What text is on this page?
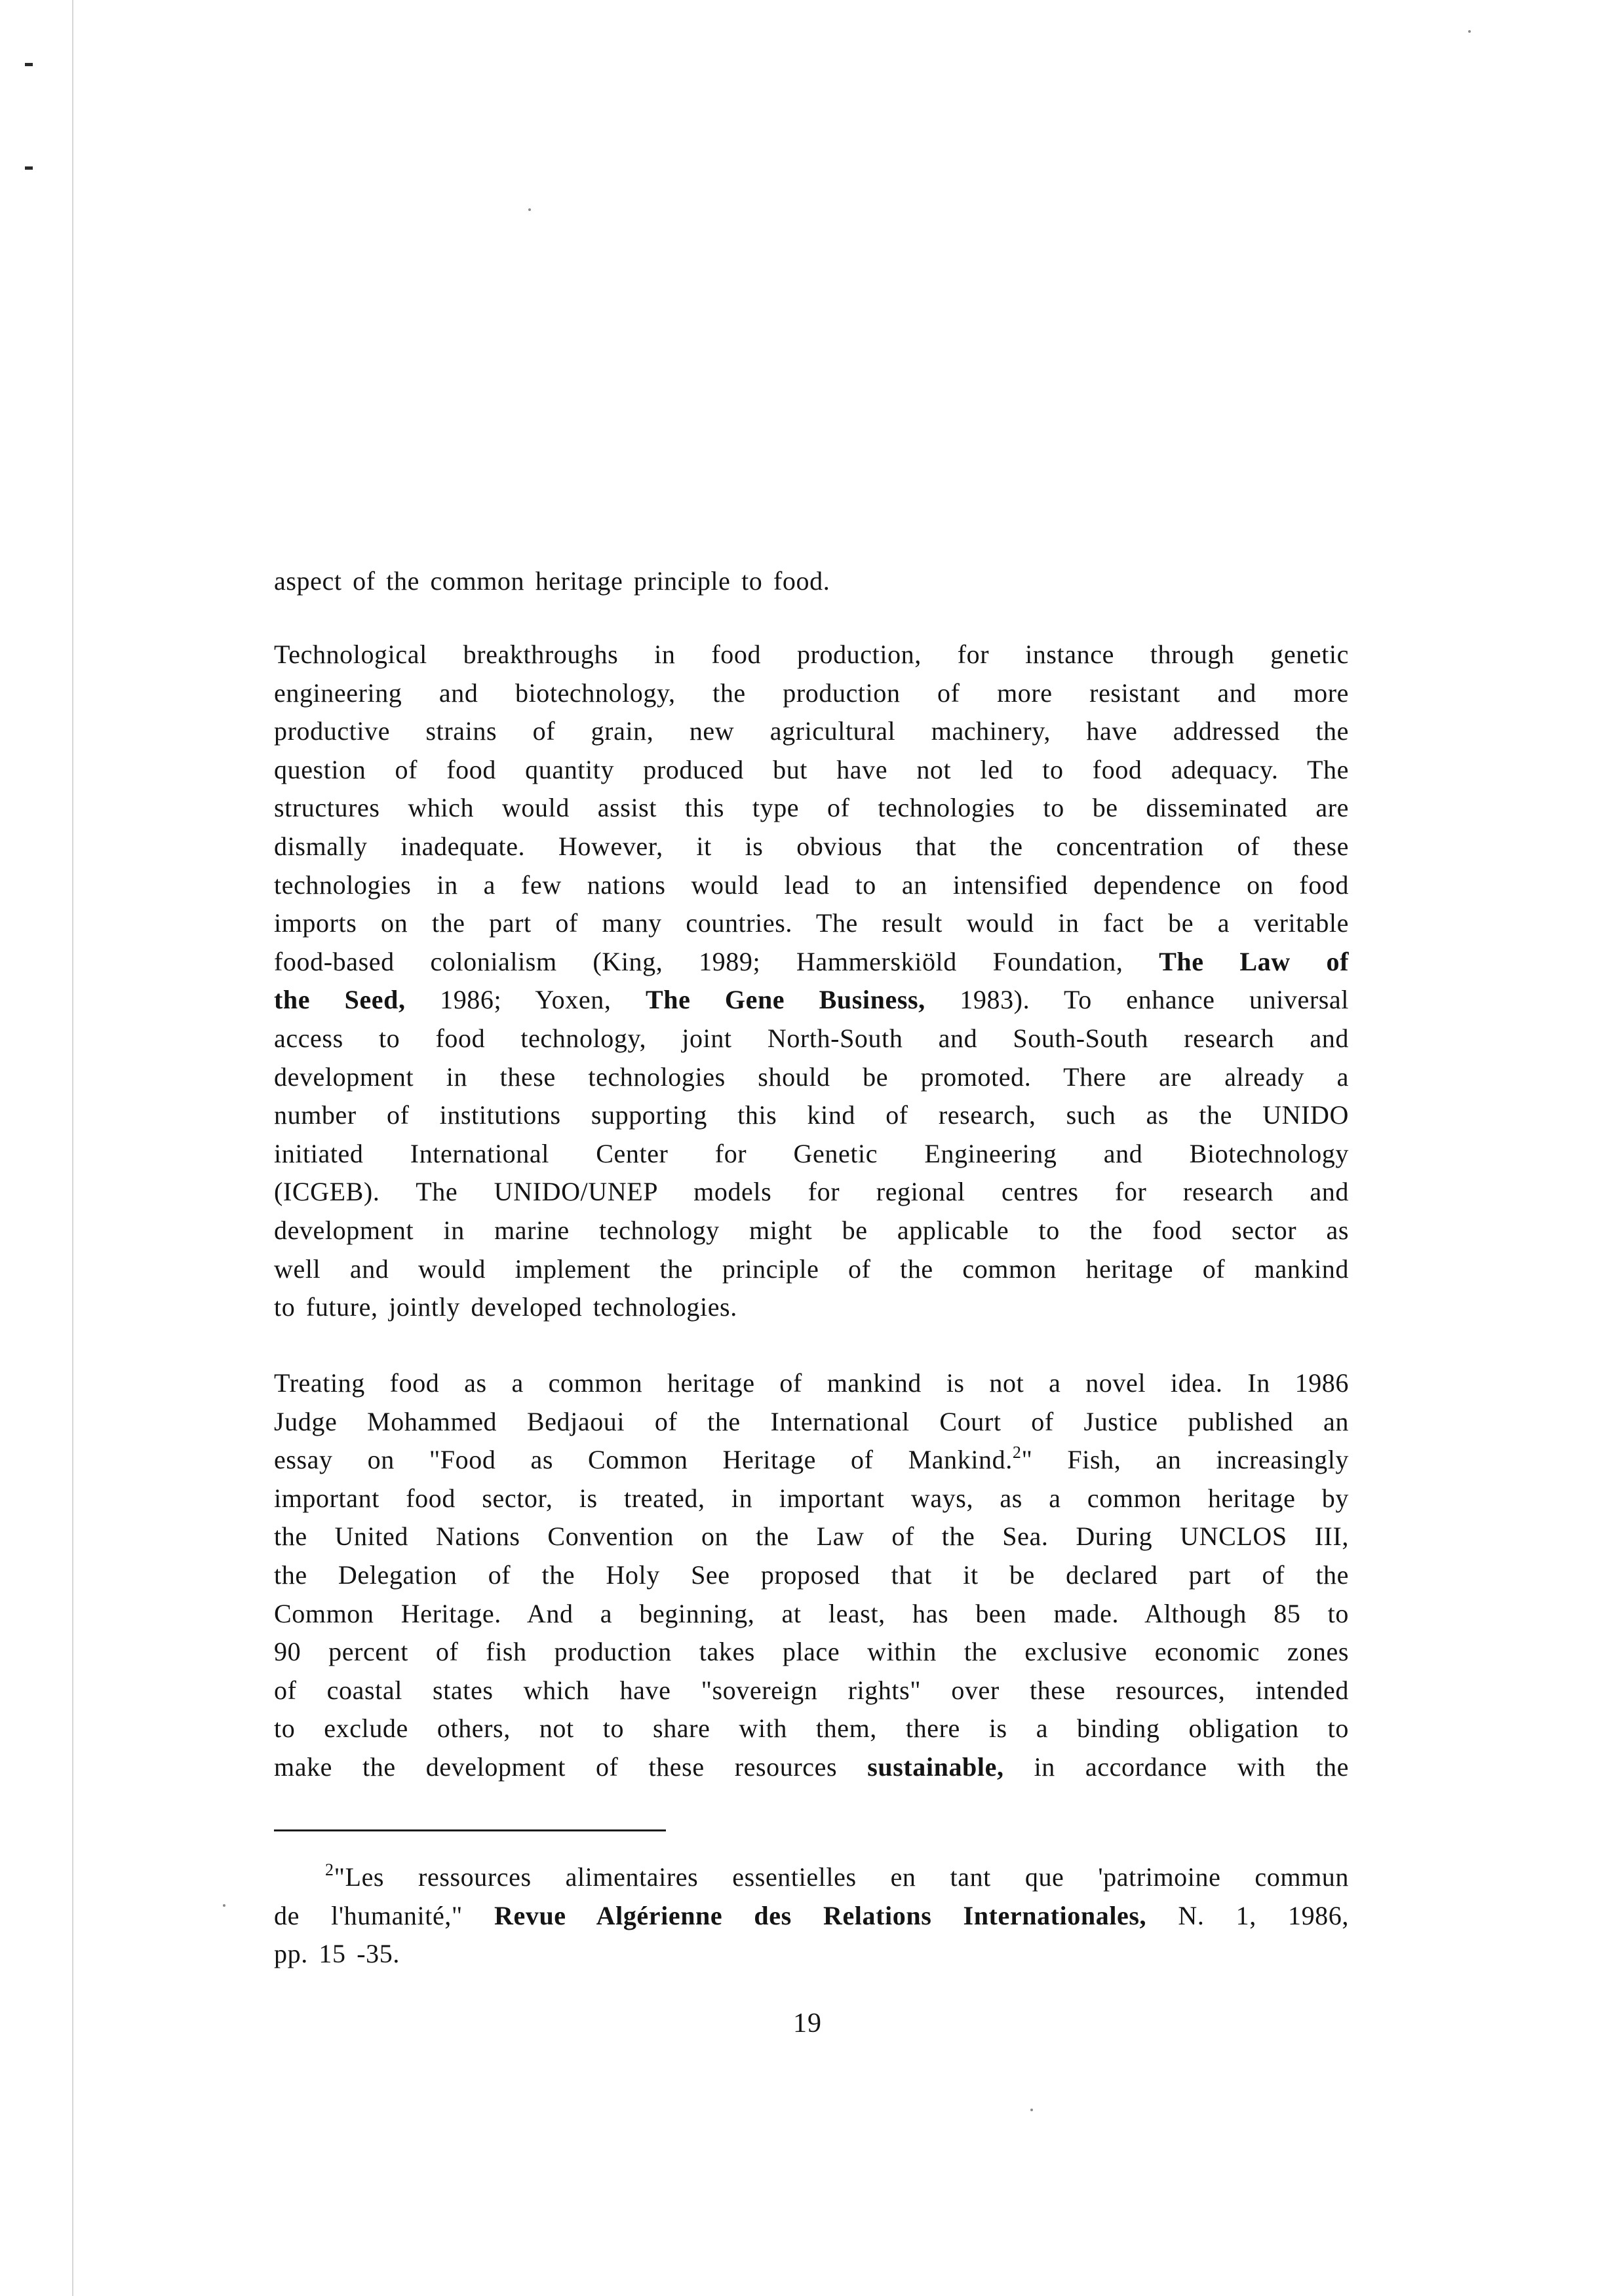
aspect of the common heritage principle to food.
Technological breakthroughs in food production, for instance through genetic
engineering and biotechnology, the production of more resistant and more
productive strains of grain, new agricultural machinery, have addressed the
question of food quantity produced but have not led to food adequacy. The
structures which would assist this type of technologies to be disseminated are
dismally inadequate. However, it is obvious that the concentration of these
technologies in a few nations would lead to an intensified dependence on food
imports on the part of many countries. The result would in fact be a veritable
food-based colonialism (King, 1989; Hammerskiöld Foundation, The Law of
the Seed, 1986; Yoxen, The Gene Business, 1983). To enhance universal
access to food technology, joint North-South and South-South research and
development in these technologies should be promoted. There are already a
number of institutions supporting this kind of research, such as the UNIDO
initiated International Center for Genetic Engineering and Biotechnology
(ICGEB). The UNIDO/UNEP models for regional centres for research and
development in marine technology might be applicable to the food sector as
well and would implement the principle of the common heritage of mankind
to future, jointly developed technologies.
Treating food as a common heritage of mankind is not a novel idea. In 1986
Judge Mohammed Bedjaoui of the International Court of Justice published an
essay on "Food as Common Heritage of Mankind.$^2$" Fish, an increasingly
important food sector, is treated, in important ways, as a common heritage by
the United Nations Convention on the Law of the Sea. During UNCLOS III,
the Delegation of the Holy See proposed that it be declared part of the
Common Heritage. And a beginning, at least, has been made. Although 85 to
90 percent of fish production takes place within the exclusive economic zones
of coastal states which have "sovereign rights" over these resources, intended
to exclude others, not to share with them, there is a binding obligation to
make the development of these resources sustainable, in accordance with the
$^2$"Les ressources alimentaires essentielles en tant que 'patrimoine commun
de l'humanité," Revue Algérienne des Relations Internationales, N. 1, 1986,
pp. 15 -35.
19
